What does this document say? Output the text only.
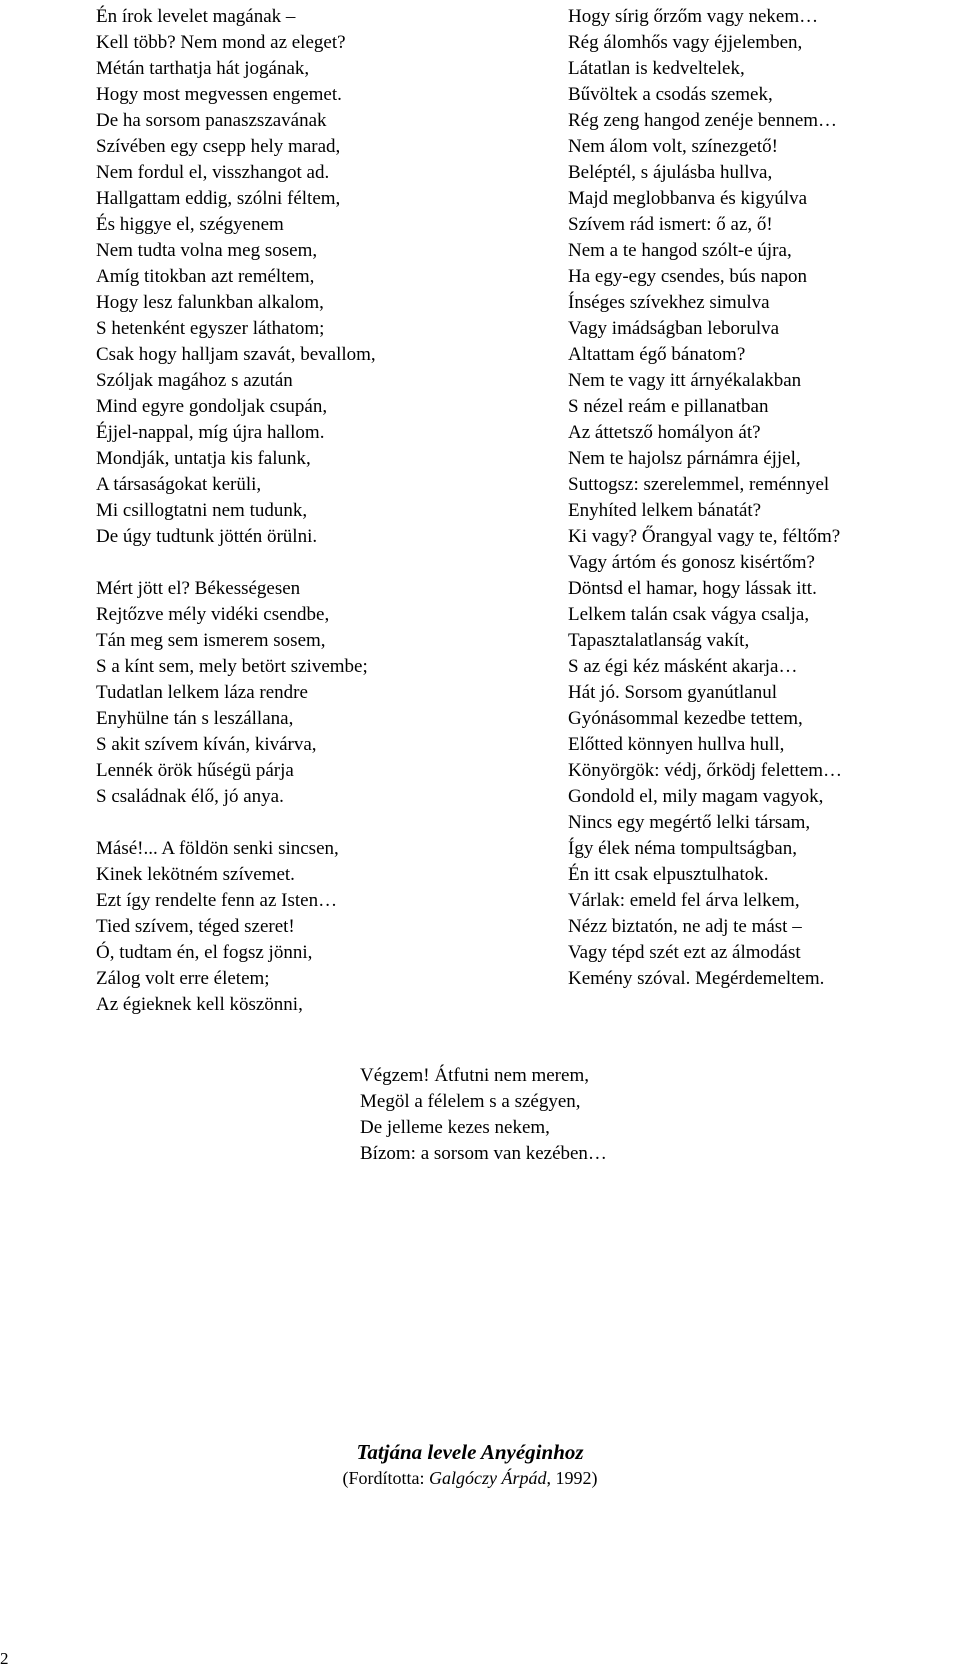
Én írok levelet magának –
Kell több? Nem mond az eleget?
Métán tarthatja hát jogának,
Hogy most megvessen engemet.
De ha sorsom panaszszavának
Szívében egy csepp hely marad,
Nem fordul el, visszhangot ad.
Hallgattam eddig, szólni féltem,
És higgye el, szégyenem
Nem tudta volna meg sosem,
Amíg titokban azt reméltem,
Hogy lesz falunkban alkalom,
S hetenként egyszer láthatom;
Csak hogy halljam szavát, bevallom,
Szóljak magához s azután
Mind egyre gondoljak csupán,
Éjjel-nappal, míg újra hallom.
Mondják, untatja kis falunk,
A társaságokat kerüli,
Mi csillogtatni nem tudunk,
De úgy tudtunk jöttén örülni.
Mért jött el? Békességesen
Rejtőzve mély vidéki csendbe,
Tán meg sem ismerem sosem,
S a kínt sem, mely betört szivembe;
Tudatlan lelkem láza rendre
Enyhülne tán s leszállana,
S akit szívem kíván, kivárva,
Lennék örök hűségü párja
S családnak élő, jó anya.
Másé!... A földön senki sincsen,
Kinek lekötném szívemet.
Ezt így rendelte fenn az Isten…
Tied szívem, téged szeret!
Ó, tudtam én, el fogsz jönni,
Zálog volt erre életem;
Az égieknek kell köszönni,
Hogy sírig őrzőm vagy nekem…
Rég álomhős vagy éjjelemben,
Látatlan is kedveltelek,
Bűvöltek a csodás szemek,
Rég zeng hangod zenéje bennem…
Nem álom volt, színezgető!
Beléptél, s ájulásba hullva,
Majd meglobbanva és kigyúlva
Szívem rád ismert: ő az, ő!
Nem a te hangod szólt-e újra,
Ha egy-egy csendes, bús napon
Ínséges szívekhez simulva
Vagy imádságban leborulva
Altattam égő bánatom?
Nem te vagy itt árnyékalakban
S nézel reám e pillanatban
Az áttetsző homályon át?
Nem te hajolsz párnámra éjjel,
Suttogsz: szerelemmel, reménnyel
Enyhíted lelkem bánatát?
Ki vagy? Őrangyal vagy te, féltőm?
Vagy ártóm és gonosz kisértőm?
Döntsd el hamar, hogy lássak itt.
Lelkem talán csak vágya csalja,
Tapasztalatlanság vakít,
S az égi kéz másként akarja…
Hát jó. Sorsom gyanútlanul
Gyónásommal kezedbe tettem,
Előtted könnyen hullva hull,
Könyörgök: védj, őrködj felettem…
Gondold el, mily magam vagyok,
Nincs egy megértő lelki társam,
Így élek néma tompultságban,
Én itt csak elpusztulhatok.
Várlak: emeld fel árva lelkem,
Nézz biztatón, ne adj te mást –
Vagy tépd szét ezt az álmodást
Kemény szóval. Megérdemeltem.
Végzem! Átfutni nem merem,
Megöl a félelem s a szégyen,
De jelleme kezes nekem,
Bízom: a sorsom van kezében…
Tatjána levele Anyéginhoz
(Fordította: Galgóczy Árpád, 1992)
2
